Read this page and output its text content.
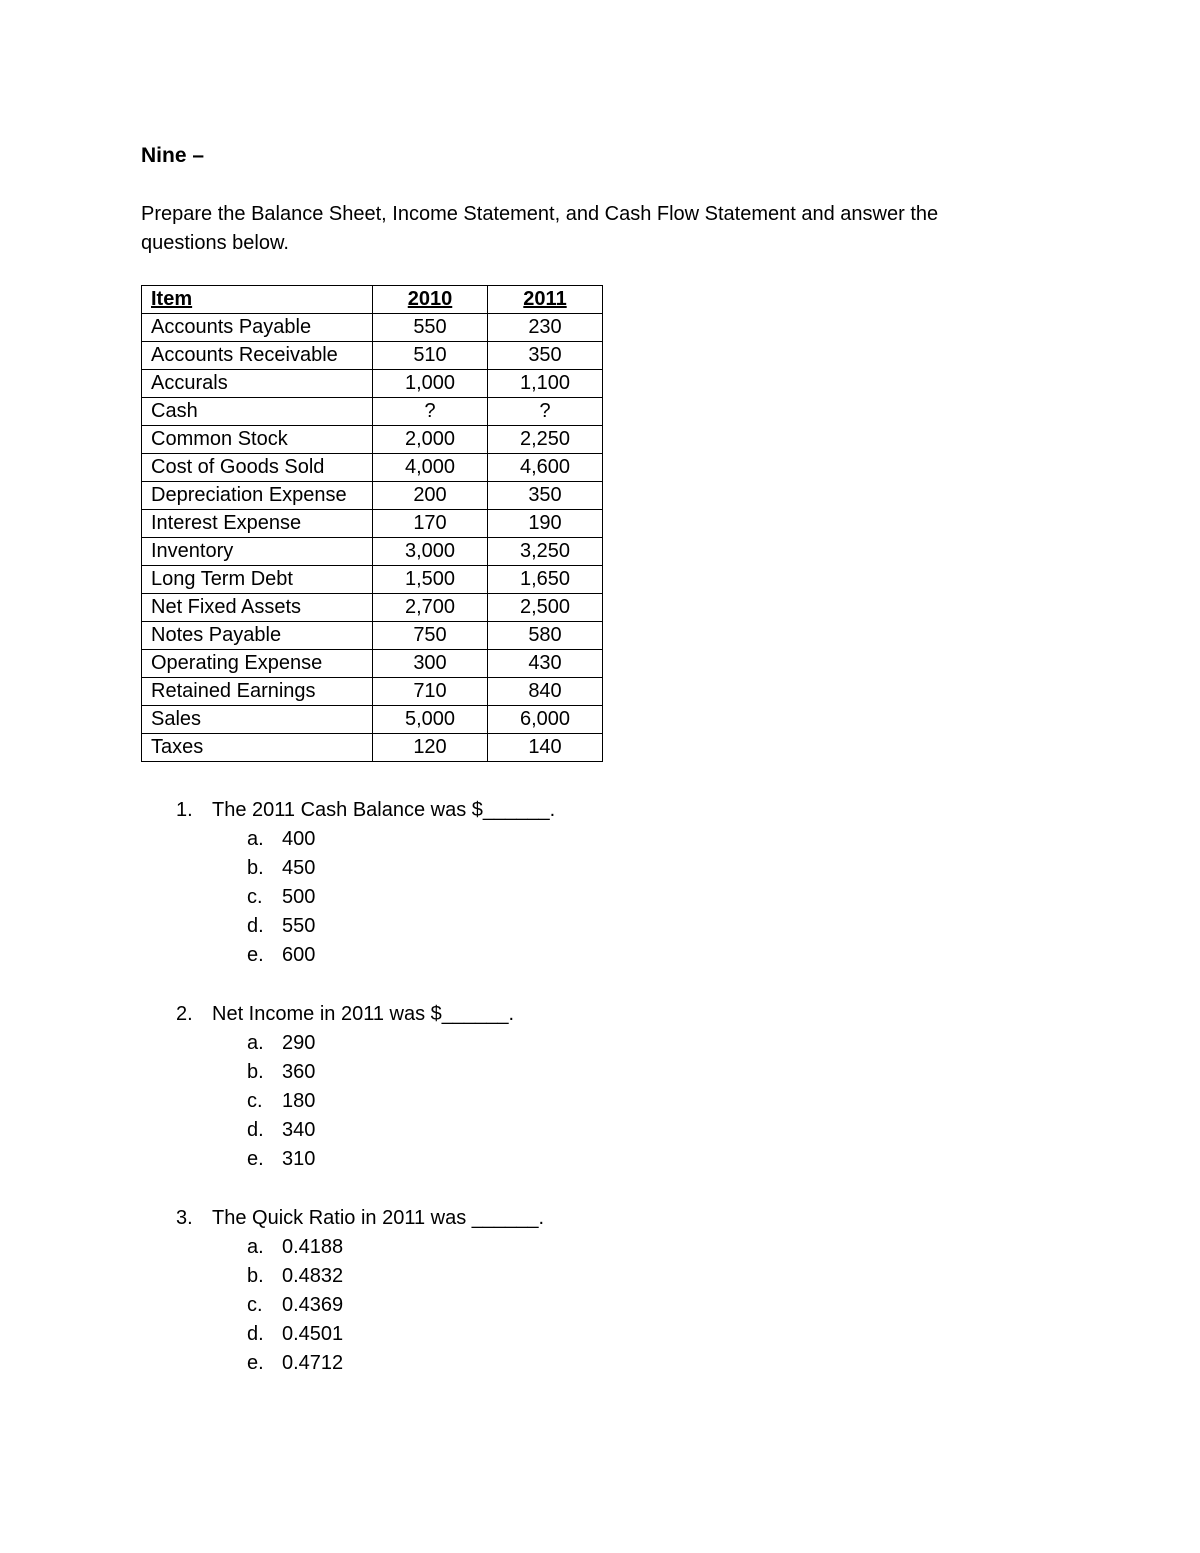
Nine –
Prepare the Balance Sheet, Income Statement, and Cash Flow Statement and answer the questions below.
Item	2010	2011
Accounts Payable	550	230
Accounts Receivable	510	350
Accurals	1,000	1,100
Cash	?	?
Common Stock	2,000	2,250
Cost of Goods Sold	4,000	4,600
Depreciation Expense	200	350
Interest Expense	170	190
Inventory	3,000	3,250
Long Term Debt	1,500	1,650
Net Fixed Assets	2,700	2,500
Notes Payable	750	580
Operating Expense	300	430
Retained Earnings	710	840
Sales	5,000	6,000
Taxes	120	140
1. The 2011 Cash Balance was $______.
a. 400
b. 450
c. 500
d. 550
e. 600
2. Net Income in 2011 was $______.
a. 290
b. 360
c. 180
d. 340
e. 310
3. The Quick Ratio in 2011 was ______.
a. 0.4188
b. 0.4832
c. 0.4369
d. 0.4501
e. 0.4712
